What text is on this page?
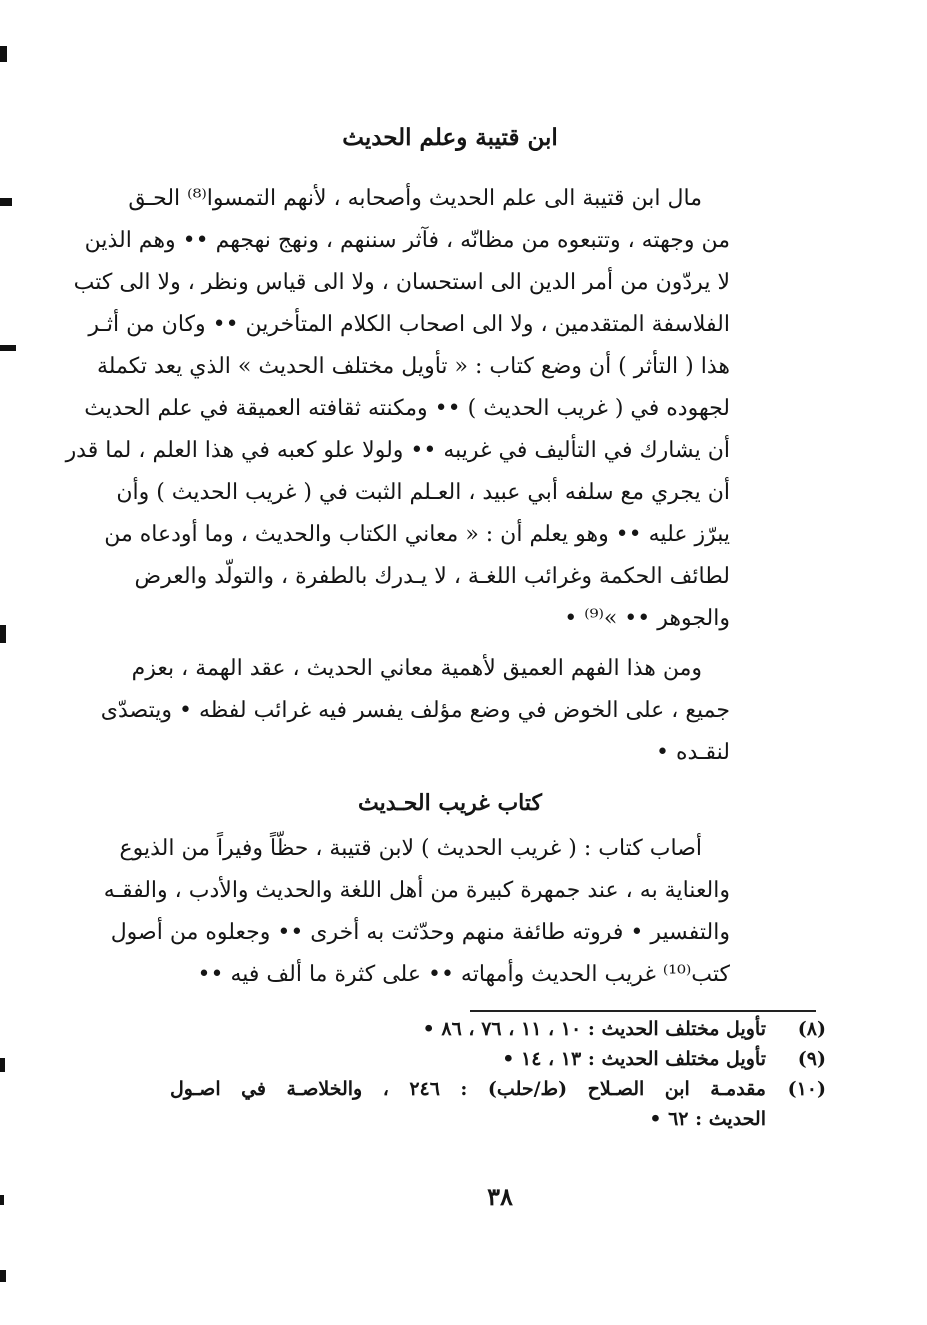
ابن قتيبة وعلم الحديث
مال ابن قتيبة الى علم الحديث وأصحابه ، لأنهم التمسوا⁽⁸⁾ الحـق
من وجهته ، وتتبعوه من مظانّه ، فآثر سننهم ، ونهج نهجهم •• وهم الذين
لا يردّون من أمر الدين الى استحسان ، ولا الى قياس ونظر ، ولا الى كتب
الفلاسفة المتقدمين ، ولا الى اصحاب الكلام المتأخرين •• وكان من أثـر
هذا ( التأثر ) أن وضع كتاب : « تأويل مختلف الحديث » الذي يعد تكملة
لجهوده في ( غريب الحديث ) •• ومكنته ثقافته العميقة في علم الحديث
أن يشارك في التأليف في غريبه •• ولولا علو كعبه في هذا العلم ، لما قدر
أن يجري مع سلفه أبي عبيد ، العـلم الثبت في ( غريب الحديث ) وأن
يبرّز عليه •• وهو يعلم أن : « معاني الكتاب والحديث ، وما أودعاه من
لطائف الحكمة وغرائب اللغـة ، لا يـدرك بالطفرة ، والتولّد والعرض
والجوهر •• »⁽⁹⁾ •
ومن هذا الفهم العميق لأهمية معاني الحديث ، عقد الهمة ، بعزم
جميع ، على الخوض في وضع مؤلف يفسر فيه غرائب لفظه • ويتصدّى
لنقـده •
كتاب غريب الحـديث
أصاب كتاب : ( غريب الحديث ) لابن قتيبة ، حظّاً وفيراً من الذيوع
والعناية به ، عند جمهرة كبيرة من أهل اللغة والحديث والأدب ، والفقـه
والتفسير • فروته طائفة منهم وحدّثت به أخرى •• وجعلوه من أصول
كتب⁽¹⁰⁾ غريب الحديث وأمهاته •• على كثرة ما ألف فيه ••
(٨)
تأويل مختلف الحديث : ١٠ ، ١١ ، ٧٦ ، ٨٦ •
(٩)
تأويل مختلف الحديث : ١٣ ، ١٤ •
(١٠)
مقدمـة ابن الصـلاح (ط/حلب) : ٢٤٦ ، والخلاصـة في اصـول
الحديث : ٦٢ •
٣٨
